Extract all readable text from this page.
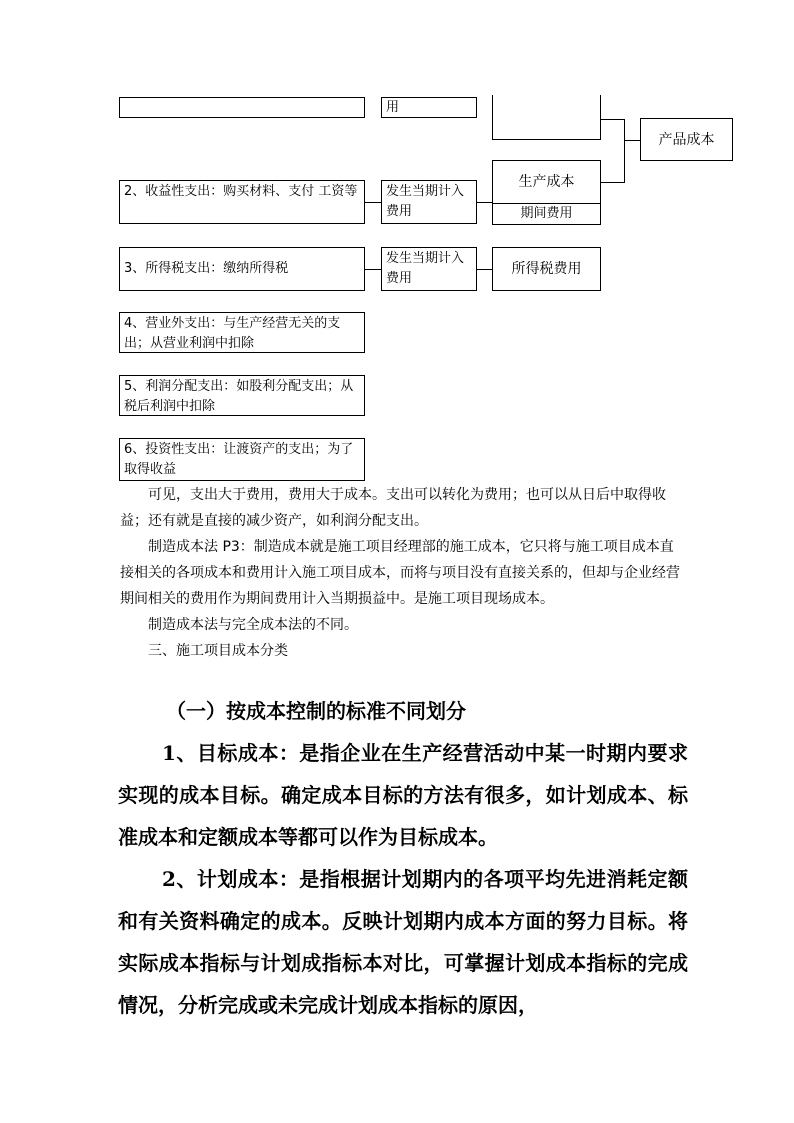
用
产品成本
2、收益性支出：购买材料、支付 工资等	发生当期计入费用
生产成本
期间费用
3、所得税支出：缴纳所得税
发生当期计入费用
所得税费用
4、营业外支出：与生产经营无关的支出；从营业利润中扣除
5、利润分配支出：如股利分配支出；从税后利润中扣除
6、投资性支出：让渡资产的支出；为了取得收益

可见，支出大于费用，费用大于成本。支出可以转化为费用；也可以从日后中取得收益；还有就是直接的减少资产，如利润分配支出。

制造成本法 P3：制造成本就是施工项目经理部的施工成本，它只将与施工项目成本直接相关的各项成本和费用计入施工项目成本，而将与项目没有直接关系的，但却与企业经营期间相关的费用作为期间费用计入当期损益中。是施工项目现场成本。

制造成本法与完全成本法的不同。

三、施工项目成本分类

（一）按成本控制的标准不同划分

1、目标成本：是指企业在生产经营活动中某一时期内要求实现的成本目标。确定成本目标的方法有很多，如计划成本、标准成本和定额成本等都可以作为目标成本。

2、计划成本：是指根据计划期内的各项平均先进消耗定额和有关资料确定的成本。反映计划期内成本方面的努力目标。将实际成本指标与计划成指标本对比，可掌握计划成本指标的完成情况，分析完成或未完成计划成本指标的原因，
